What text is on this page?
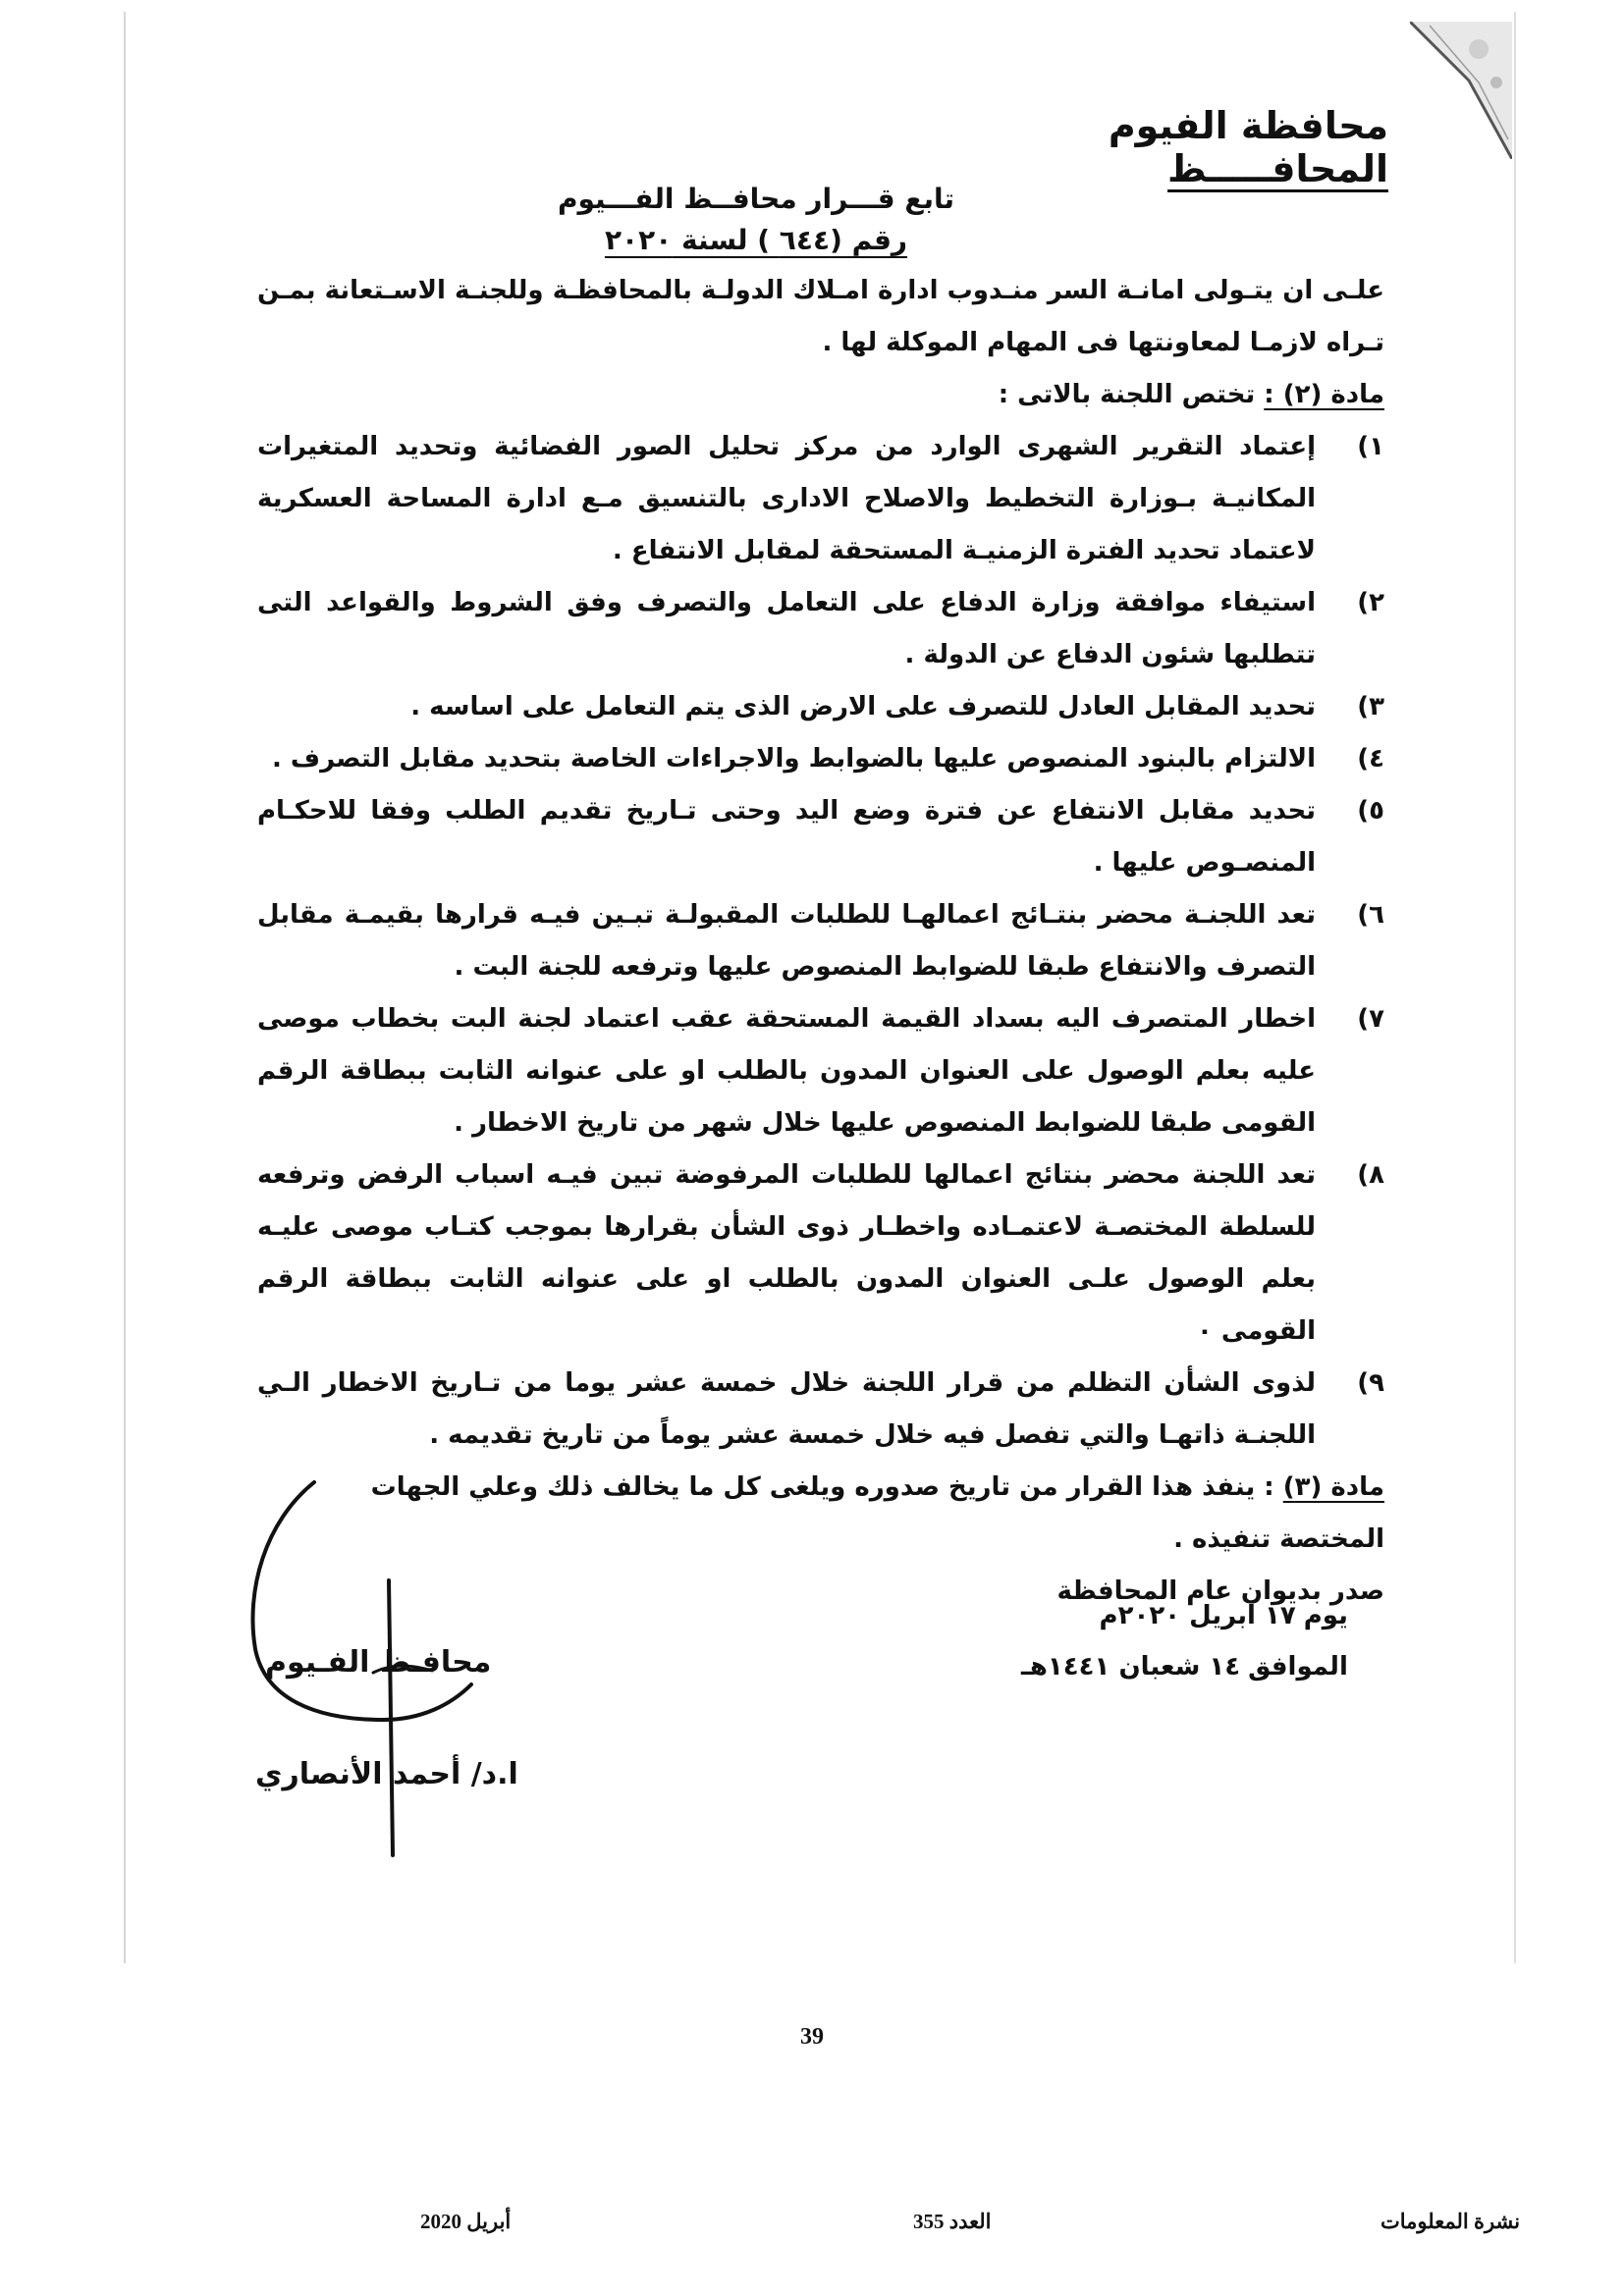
محافظة الفيوم
المحافـــــظ
تابع قـــرار محافــظ الفـــيوم
رقم (٦٤٤ ) لسنة ٢٠٢٠

علـى ان يتـولى امانـة السر منـدوب ادارة امـلاك الدولـة بالمحافظـة وللجنـة الاسـتعانة بمـن تـراه لازمـا لمعاونتها فى المهام الموكلة لها .

مادة (٢) : تختص اللجنة بالاتى :

١)
إعتماد التقرير الشهرى الوارد من مركز تحليل الصور الفضائية وتحديد المتغيرات المكانيـة بـوزارة التخطيط والاصلاح الادارى بالتنسيق مـع ادارة المساحة العسكرية لاعتماد تحديد الفترة الزمنيـة المستحقة لمقابل الانتفاع .
٢)
استيفاء موافقة وزارة الدفاع على التعامل والتصرف وفق الشروط والقواعد التى تتطلبها شئون الدفاع عن الدولة .
٣)
تحديد المقابل العادل للتصرف على الارض الذى يتم التعامل على اساسه .
٤)
الالتزام بالبنود المنصوص عليها بالضوابط والاجراءات الخاصة بتحديد مقابل التصرف .
٥)
تحديد مقابل الانتفاع عن فترة وضع اليد وحتى تـاريخ تقديم الطلب وفقا للاحكـام المنصـوص عليها .
٦)
تعد اللجنـة محضر بنتـائج اعمالهـا للطلبات المقبولـة تبـين فيـه قرارها بقيمـة مقابل التصرف والانتفاع طبقا للضوابط المنصوص عليها وترفعه للجنة البت .
٧)
اخطار المتصرف اليه بسداد القيمة المستحقة عقب اعتماد لجنة البت بخطاب موصى عليه بعلم الوصول على العنوان المدون بالطلب او على عنوانه الثابت ببطاقة الرقم القومى طبقا للضوابط المنصوص عليها خلال شهر من تاريخ الاخطار .
٨)
تعد اللجنة محضر بنتائج اعمالها للطلبات المرفوضة تبين فيـه اسباب الرفض وترفعه للسلطة المختصـة لاعتمـاده واخطـار ذوى الشأن بقرارها بموجب كتـاب موصى عليـه بعلم الوصول علـى العنوان المدون بالطلب او على عنوانه الثابت ببطاقة الرقم القومى ٠
٩)
لذوى الشأن التظلم من قرار اللجنة خلال خمسة عشر يوما من تـاريخ الاخطار الـي اللجنـة ذاتهـا والتي تفصل فيه خلال خمسة عشر يوماً من تاريخ تقديمه .

مادة (٣) : ينفذ هذا القرار من تاريخ صدوره ويلغى كل ما يخالف ذلك وعلي الجهات المختصة تنفيذه .

صدر بديوان عام المحافظة

يوم
١٧ ابريل ٢٠٢٠م
الموافق
١٤ شعبان ١٤٤١هـ
محافـظ الفـيوم
ا.د/ أحمد الأنصاري
39
أبريل 2020	العدد 355	نشرة المعلومات
